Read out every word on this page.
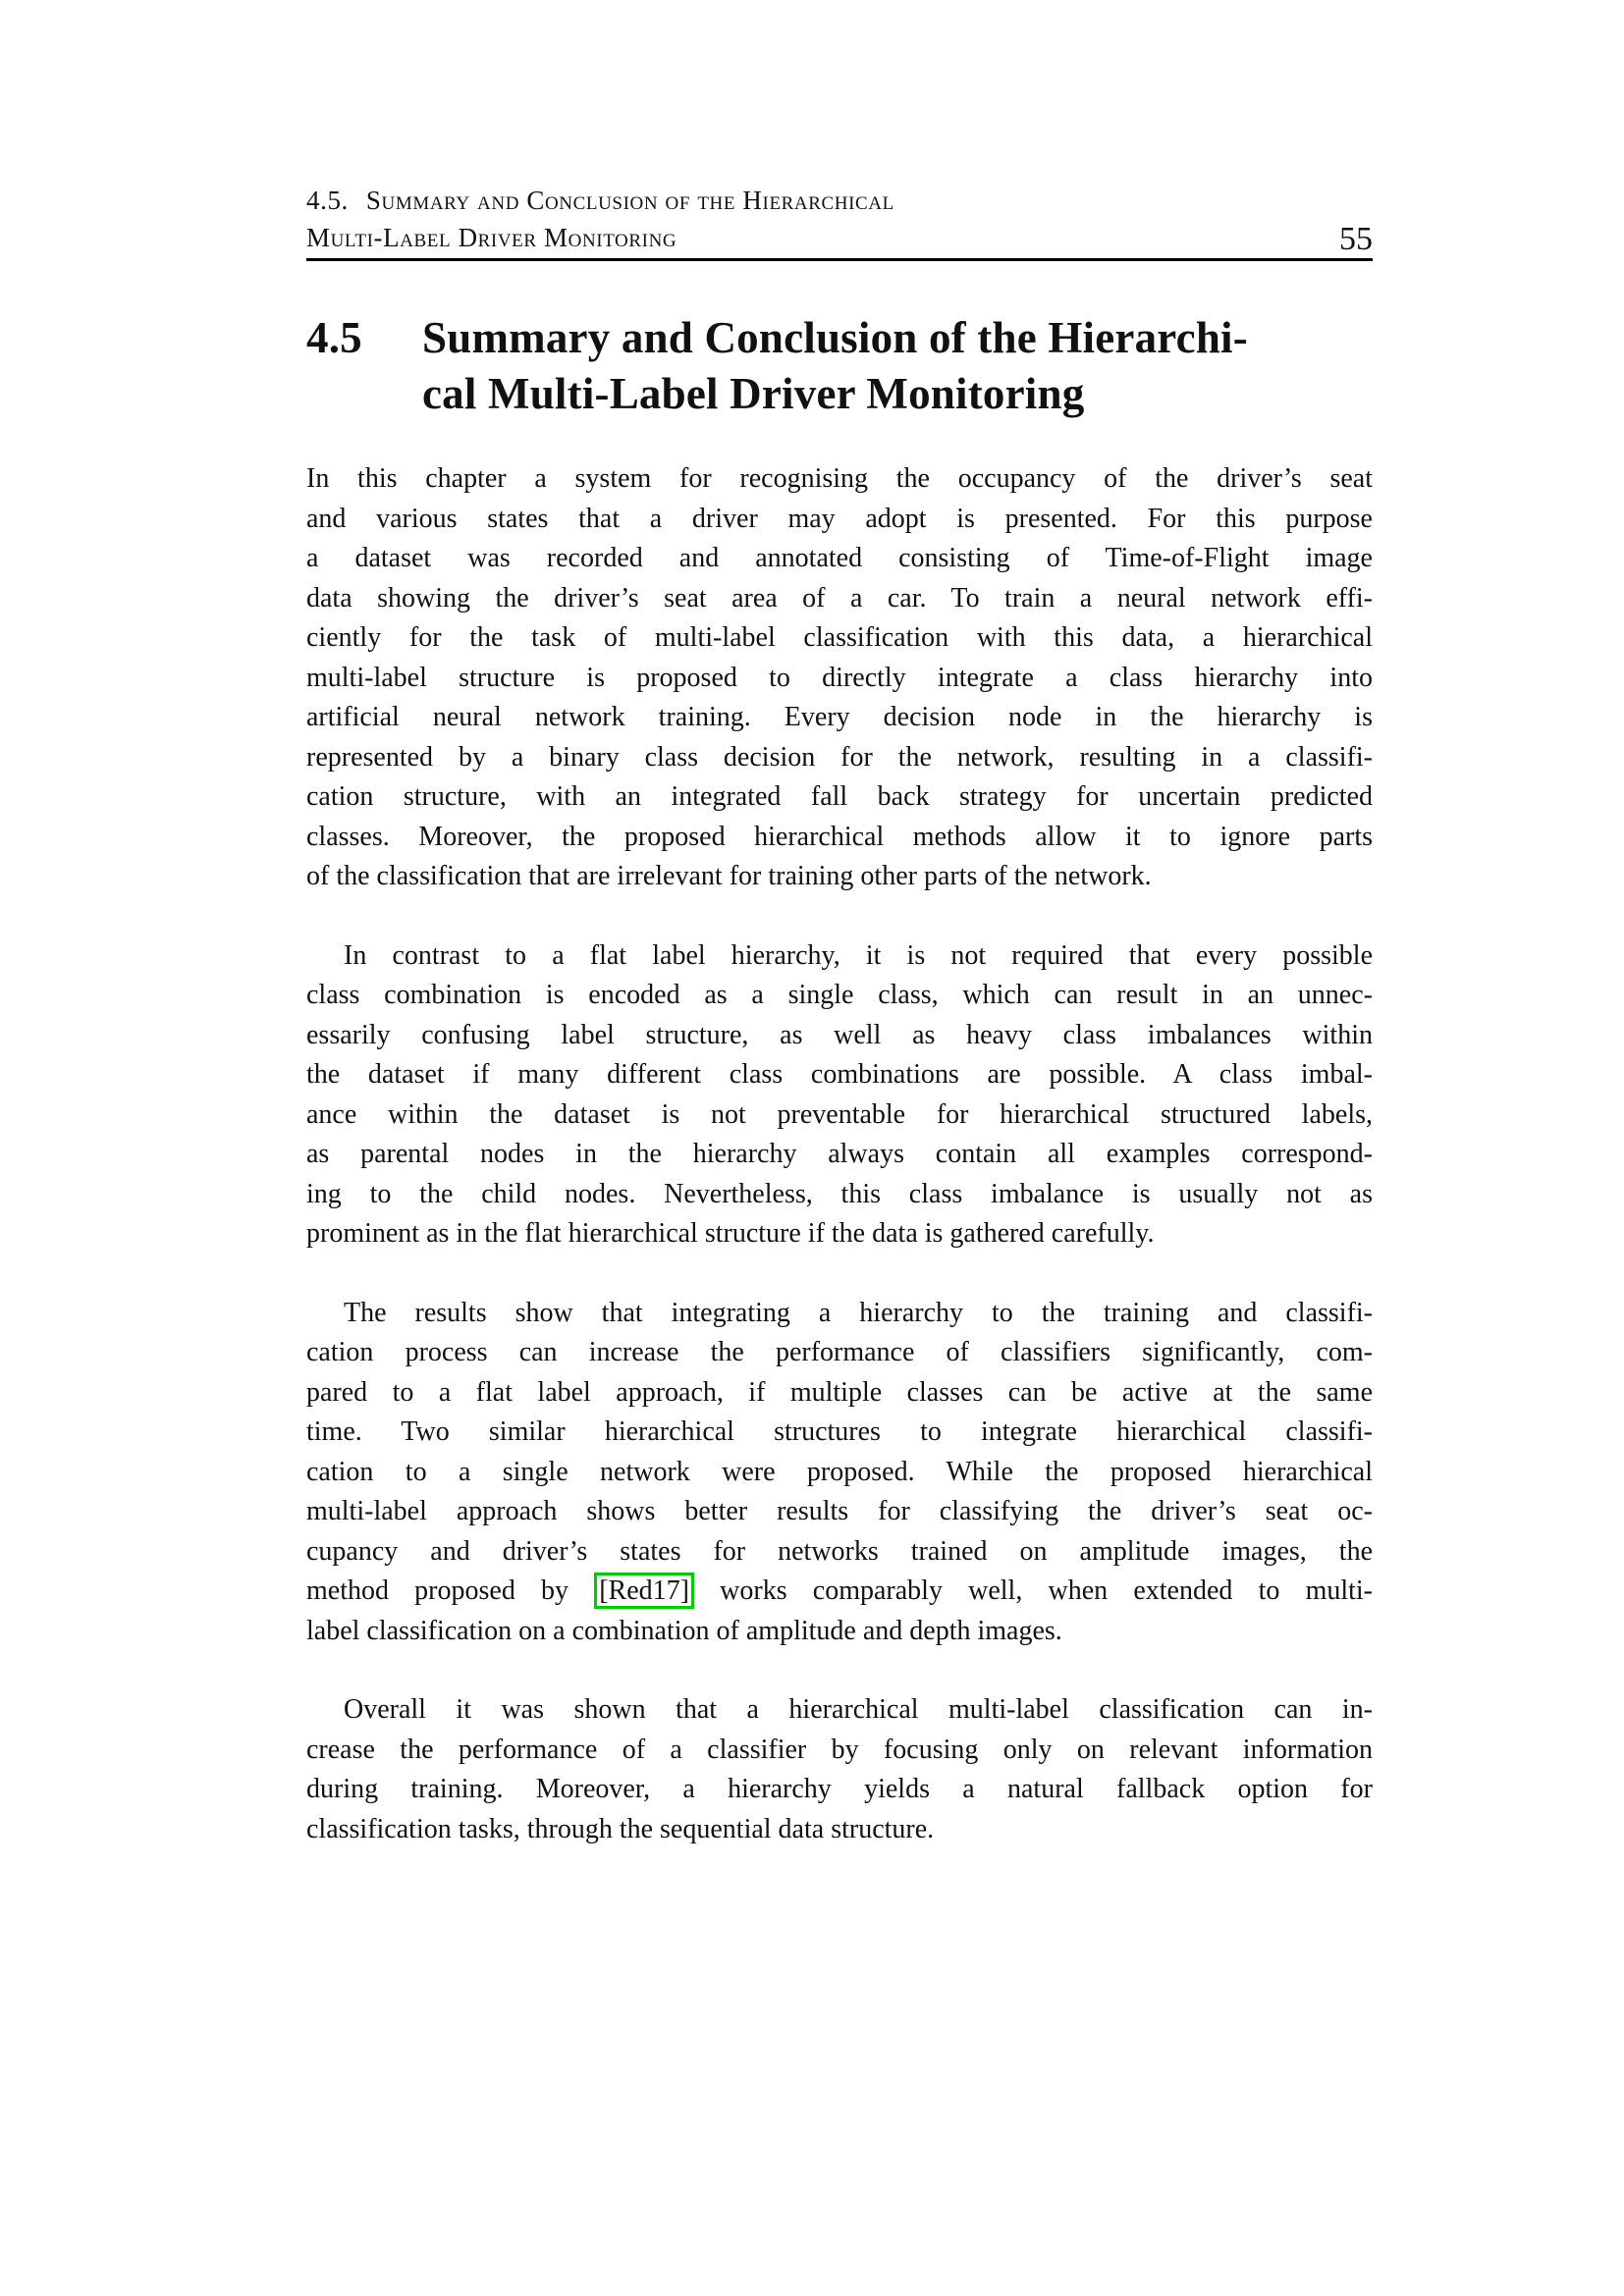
4.5. Summary and Conclusion of the Hierarchical
Multi-Label Driver Monitoring	55
4.5	Summary and Conclusion of the Hierarchi-
cal Multi-Label Driver Monitoring
In this chapter a system for recognising the occupancy of the driver’s seat
and various states that a driver may adopt is presented. For this purpose
a dataset was recorded and annotated consisting of Time-of-Flight image
data showing the driver’s seat area of a car. To train a neural network effi-
ciently for the task of multi-label classification with this data, a hierarchical
multi-label structure is proposed to directly integrate a class hierarchy into
artificial neural network training. Every decision node in the hierarchy is
represented by a binary class decision for the network, resulting in a classifi-
cation structure, with an integrated fall back strategy for uncertain predicted
classes. Moreover, the proposed hierarchical methods allow it to ignore parts
of the classification that are irrelevant for training other parts of the network.
In contrast to a flat label hierarchy, it is not required that every possible
class combination is encoded as a single class, which can result in an unnec-
essarily confusing label structure, as well as heavy class imbalances within
the dataset if many different class combinations are possible. A class imbal-
ance within the dataset is not preventable for hierarchical structured labels,
as parental nodes in the hierarchy always contain all examples correspond-
ing to the child nodes. Nevertheless, this class imbalance is usually not as
prominent as in the flat hierarchical structure if the data is gathered carefully.
The results show that integrating a hierarchy to the training and classifi-
cation process can increase the performance of classifiers significantly, com-
pared to a flat label approach, if multiple classes can be active at the same
time. Two similar hierarchical structures to integrate hierarchical classifi-
cation to a single network were proposed. While the proposed hierarchical
multi-label approach shows better results for classifying the driver’s seat oc-
cupancy and driver’s states for networks trained on amplitude images, the
method proposed by [Red17] works comparably well, when extended to multi-
label classification on a combination of amplitude and depth images.
Overall it was shown that a hierarchical multi-label classification can in-
crease the performance of a classifier by focusing only on relevant information
during training. Moreover, a hierarchy yields a natural fallback option for
classification tasks, through the sequential data structure.
